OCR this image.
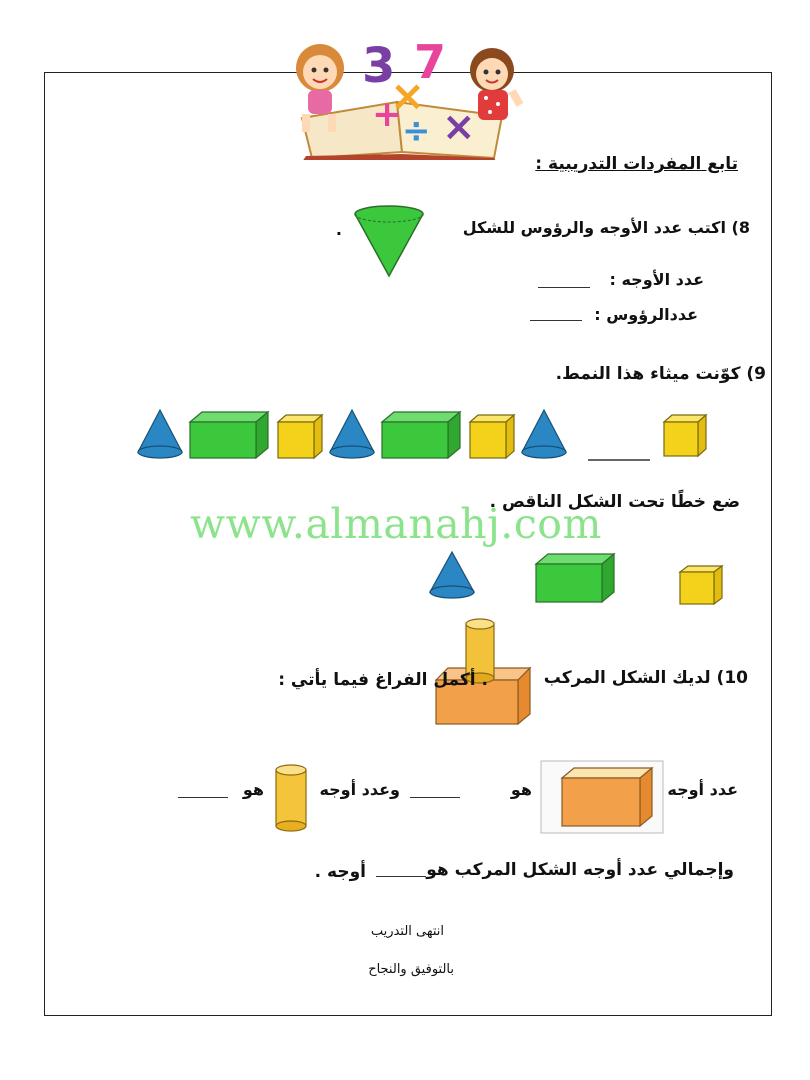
3 7
×
+ ÷ ×
تابع المفردات التدريبية :
8) اكتب عدد الأوجه والرؤوس للشكل
.
عدد الأوجه :
عددالرؤوس :
9) كوّنت ميثاء هذا النمط.
ضع خطًا تحت الشكل الناقص .
www.almanahj.com
10) لديك الشكل المركب
. أكمل الفراغ فيما يأتي :
عدد أوجه
هو
وعدد أوجه
هو
وإجمالي عدد أوجه الشكل المركب هو
أوجه .
انتهى التدريب
بالتوفيق والنجاح
